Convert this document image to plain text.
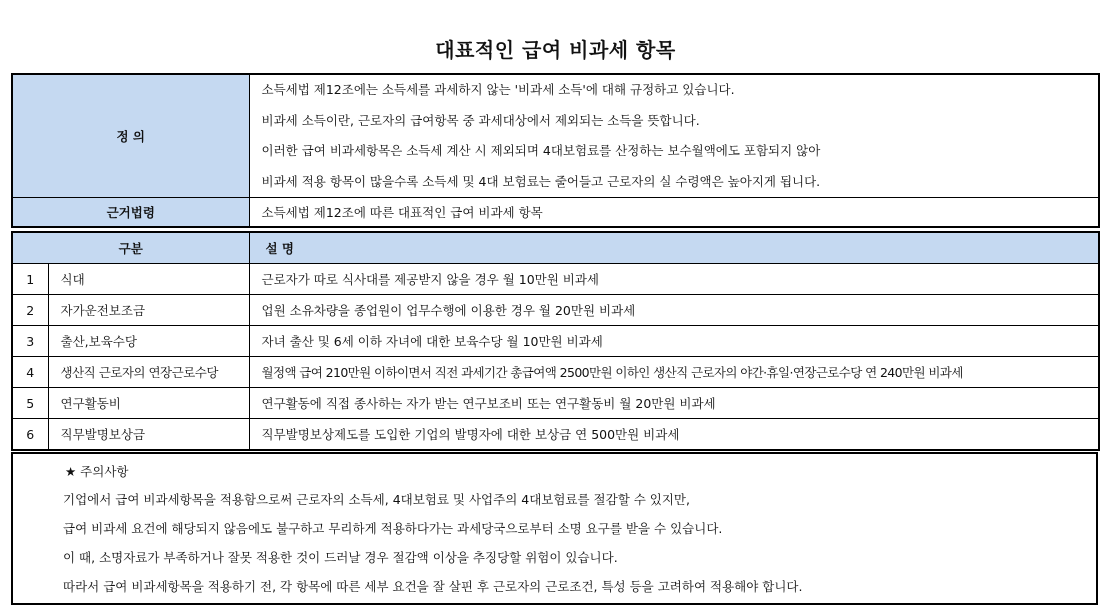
대표적인 급여 비과세 항목
정 의	소득세법 제12조에는 소득세를 과세하지 않는 '비과세 소득'에 대해 규정하고 있습니다.
	비과세 소득이란, 근로자의 급여항목 중 과세대상에서 제외되는 소득을 뜻합니다.
	이러한 급여 비과세항목은 소득세 계산 시 제외되며 4대보험료를 산정하는 보수월액에도 포함되지 않아
	비과세 적용 항목이 많을수록 소득세 및 4대 보험료는 줄어들고 근로자의 실 수령액은 높아지게 됩니다.
근거법령	소득세법 제12조에 따른 대표적인 급여 비과세 항목
구분		설 명
1	식대	근로자가 따로 식사대를 제공받지 않을 경우 월 10만원 비과세
2	자가운전보조금	업원 소유차량을 종업원이 업무수행에 이용한 경우 월 20만원 비과세
3	출산,보육수당	자녀 출산 및 6세 이하 자녀에 대한 보육수당 월 10만원 비과세
4	생산직 근로자의 연장근로수당	월정액 급여 210만원 이하이면서 직전 과세기간 총급여액 2500만원 이하인 생산직 근로자의 야간·휴일·연장근로수당 연 240만원 비과세
5	연구활동비	연구활동에 직접 종사하는 자가 받는 연구보조비 또는 연구활동비 월 20만원 비과세
6	직무발명보상금	직무발명보상제도를 도입한 기업의 발명자에 대한 보상금 연 500만원 비과세
★ 주의사항
기업에서 급여 비과세항목을 적용함으로써 근로자의 소득세, 4대보험료 및 사업주의 4대보험료를 절감할 수 있지만,
급여 비과세 요건에 해당되지 않음에도 불구하고 무리하게 적용하다가는 과세당국으로부터 소명 요구를 받을 수 있습니다.
이 때, 소명자료가 부족하거나 잘못 적용한 것이 드러날 경우 절감액 이상을 추징당할 위험이 있습니다.
따라서 급여 비과세항목을 적용하기 전, 각 항목에 따른 세부 요건을 잘 살핀 후 근로자의 근로조건, 특성 등을 고려하여 적용해야 합니다.
